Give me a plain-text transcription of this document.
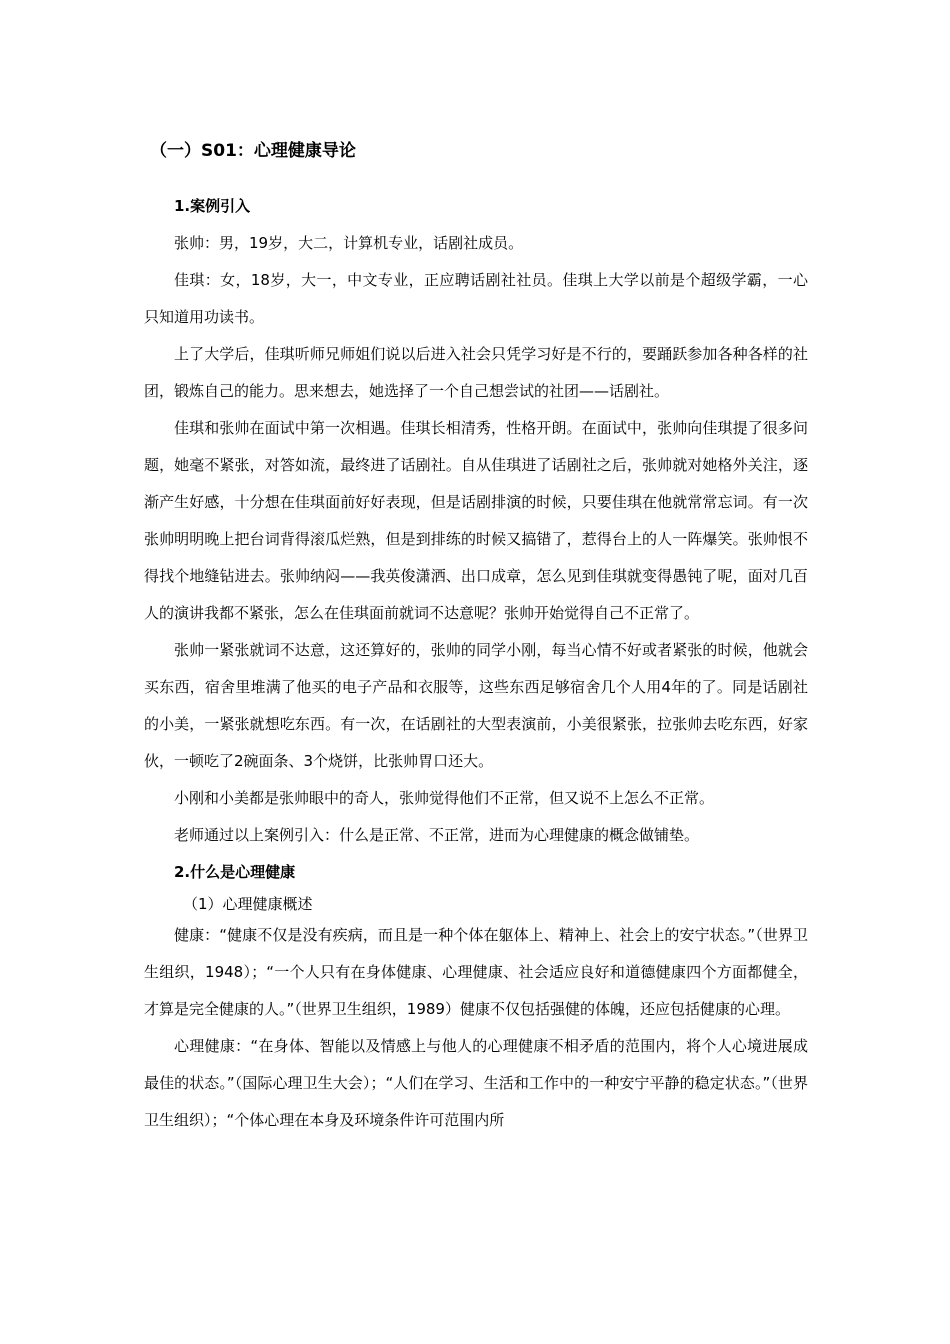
（一）S01：心理健康导论

1.案例引入

张帅：男，19岁，大二，计算机专业，话剧社成员。

佳琪：女，18岁，大一，中文专业，正应聘话剧社社员。佳琪上大学以前是个超级学霸，一心只知道用功读书。

上了大学后，佳琪听师兄师姐们说以后进入社会只凭学习好是不行的，要踊跃参加各种各样的社团，锻炼自己的能力。思来想去，她选择了一个自己想尝试的社团——话剧社。

佳琪和张帅在面试中第一次相遇。佳琪长相清秀，性格开朗。在面试中，张帅向佳琪提了很多问题，她毫不紧张，对答如流，最终进了话剧社。自从佳琪进了话剧社之后，张帅就对她格外关注，逐渐产生好感，十分想在佳琪面前好好表现，但是话剧排演的时候，只要佳琪在他就常常忘词。有一次张帅明明晚上把台词背得滚瓜烂熟，但是到排练的时候又搞错了，惹得台上的人一阵爆笑。张帅恨不得找个地缝钻进去。张帅纳闷——我英俊潇洒、出口成章，怎么见到佳琪就变得愚钝了呢，面对几百人的演讲我都不紧张，怎么在佳琪面前就词不达意呢？张帅开始觉得自己不正常了。

张帅一紧张就词不达意，这还算好的，张帅的同学小刚，每当心情不好或者紧张的时候，他就会买东西，宿舍里堆满了他买的电子产品和衣服等，这些东西足够宿舍几个人用4年的了。同是话剧社的小美，一紧张就想吃东西。有一次，在话剧社的大型表演前，小美很紧张，拉张帅去吃东西，好家伙，一顿吃了2碗面条、3个烧饼，比张帅胃口还大。

小刚和小美都是张帅眼中的奇人，张帅觉得他们不正常，但又说不上怎么不正常。

老师通过以上案例引入：什么是正常、不正常，进而为心理健康的概念做铺垫。

2.什么是心理健康

（1）心理健康概述

健康：“健康不仅是没有疾病，而且是一种个体在躯体上、精神上、社会上的安宁状态。”（世界卫生组织，1948）；“一个人只有在身体健康、心理健康、社会适应良好和道德健康四个方面都健全，才算是完全健康的人。”（世界卫生组织，1989）健康不仅包括强健的体魄，还应包括健康的心理。

心理健康：“在身体、智能以及情感上与他人的心理健康不相矛盾的范围内，将个人心境进展成最佳的状态。”（国际心理卫生大会）；“人们在学习、生活和工作中的一种安宁平静的稳定状态。”（世界卫生组织）；“个体心理在本身及环境条件许可范围内所
